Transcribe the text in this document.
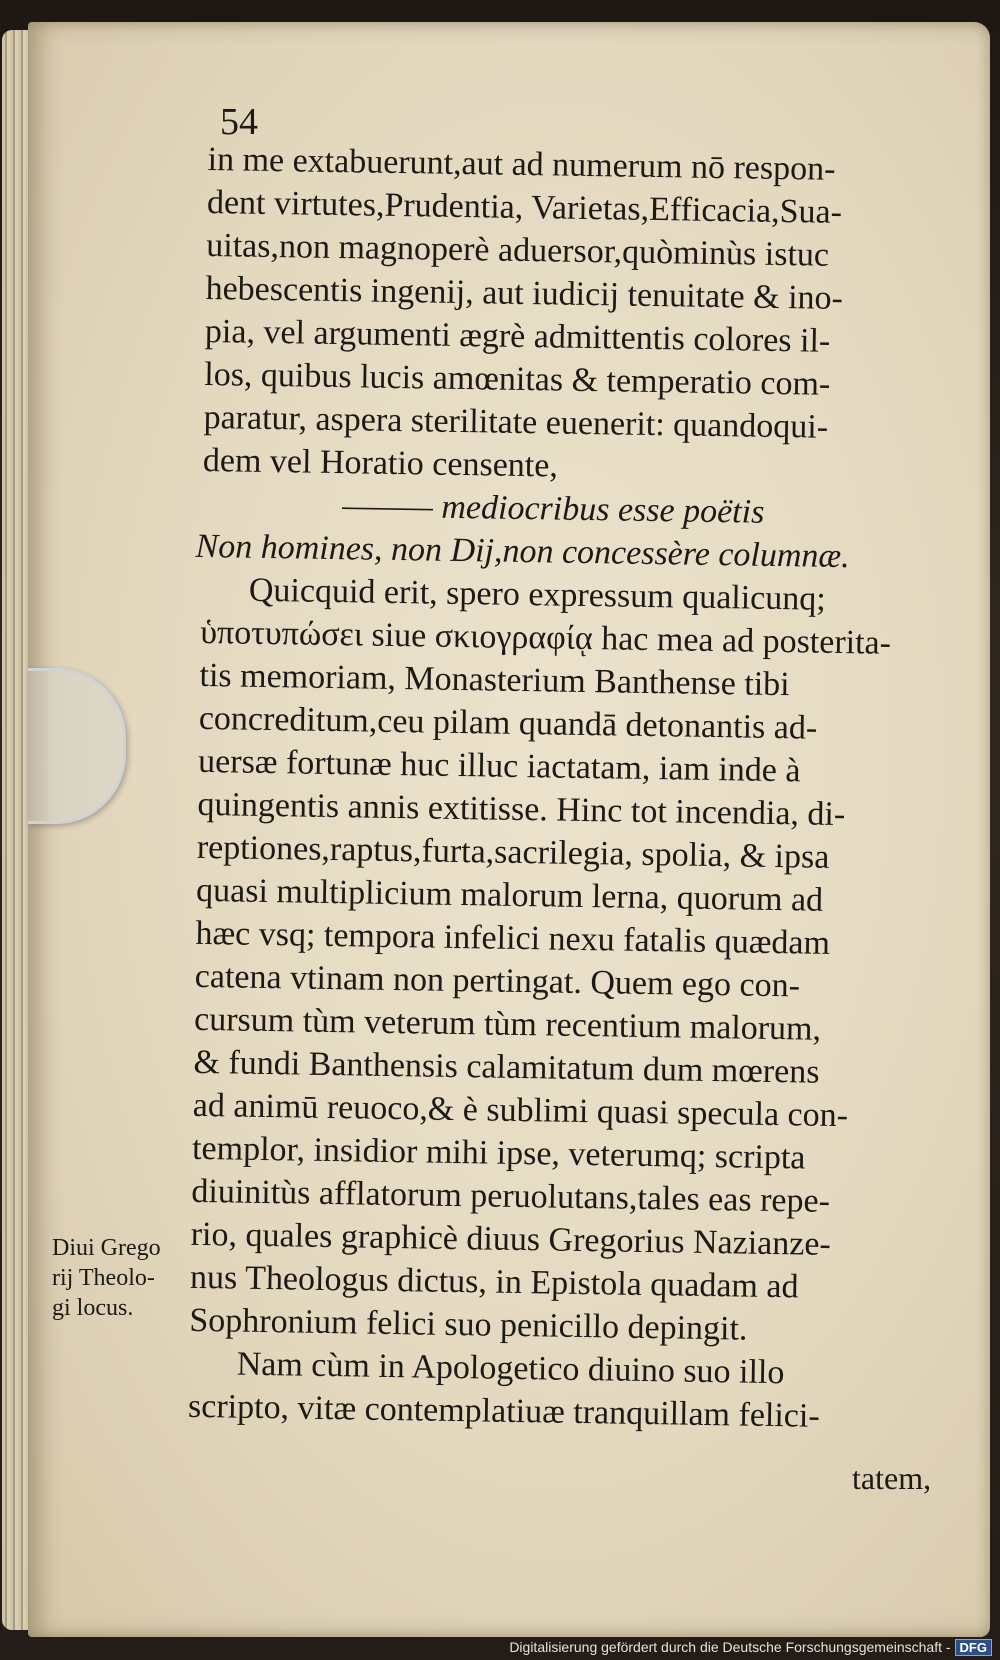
54
in me extabuerunt,aut ad numerum nō respon-
dent virtutes,Prudentia, Varietas,Efficacia,Sua-
uitas,non magnoperè aduersor,quòminùs istuc
hebescentis ingenij, aut iudicij tenuitate & ino-
pia, vel argumenti ægrè admittentis colores il-
los, quibus lucis amœnitas & temperatio com-
paratur, aspera sterilitate euenerit: quandoqui-
dem vel Horatio censente,
——— mediocribus esse poëtis
Non homines, non Dij,non concessère columnæ.
Quicquid erit, spero expressum qualicunq;
ὑποτυπώσει siue σκιογραφίᾳ hac mea ad posterita-
tis memoriam, Monasterium Banthense tibi
concreditum,ceu pilam quandā detonantis ad-
uersæ fortunæ huc illuc iactatam, iam inde à
quingentis annis extitisse. Hinc tot incendia, di-
reptiones,raptus,furta,sacrilegia, spolia, & ipsa
quasi multiplicium malorum lerna, quorum ad
hæc vsq; tempora infelici nexu fatalis quædam
catena vtinam non pertingat. Quem ego con-
cursum tùm veterum tùm recentium malorum,
& fundi Banthensis calamitatum dum mœrens
ad animū reuoco,& è sublimi quasi specula con-
templor, insidior mihi ipse, veterumq; scripta
diuinitùs afflatorum peruolutans,tales eas repe-
rio, quales graphicè diuus Gregorius Nazianze-
nus Theologus dictus, in Epistola quadam ad
Sophronium felici suo penicillo depingit.
Nam cùm in Apologetico diuino suo illo
scripto, vitæ contemplatiuæ tranquillam felici-
Diui Grego
rij Theolo-
gi locus.
tatem,
Digitalisierung gefördert durch die Deutsche Forschungsgemeinschaft - DFG
